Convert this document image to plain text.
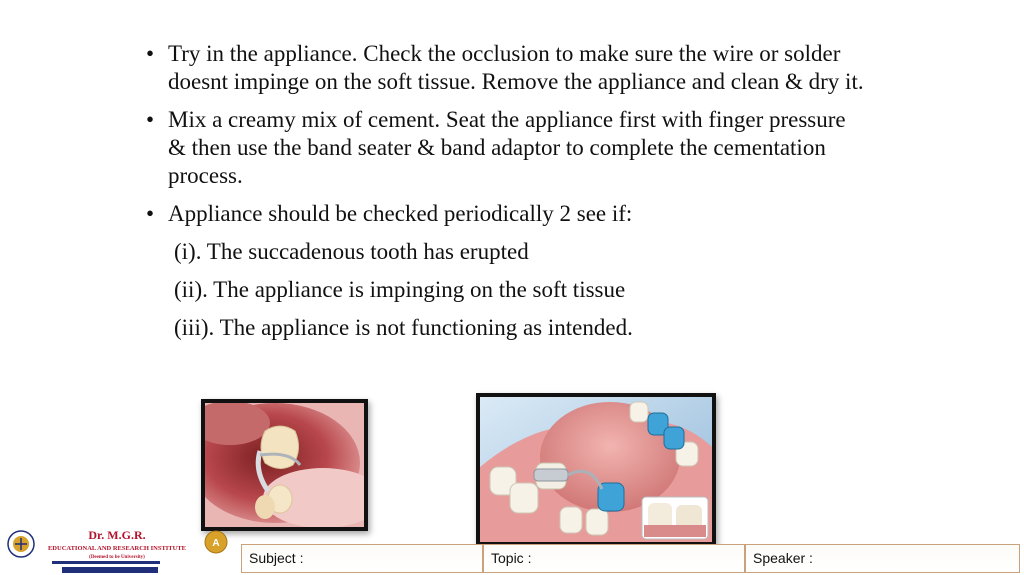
• Try in the appliance. Check the occlusion to make sure the wire or solder doesnt impinge on the soft tissue. Remove the appliance and clean & dry it.
• Mix a creamy mix of cement. Seat the appliance first with finger pressure & then use the band seater & band adaptor to complete the cementation process.
• Appliance should be checked periodically 2 see if:
(i). The succadenous tooth has erupted
(ii). The appliance is impinging on the soft tissue
(iii). The appliance is not functioning as intended.
Dr. M.G.R.
EDUCATIONAL AND RESEARCH INSTITUTE
(Deemed to be University)
A
Subject :	Topic :	Speaker :
